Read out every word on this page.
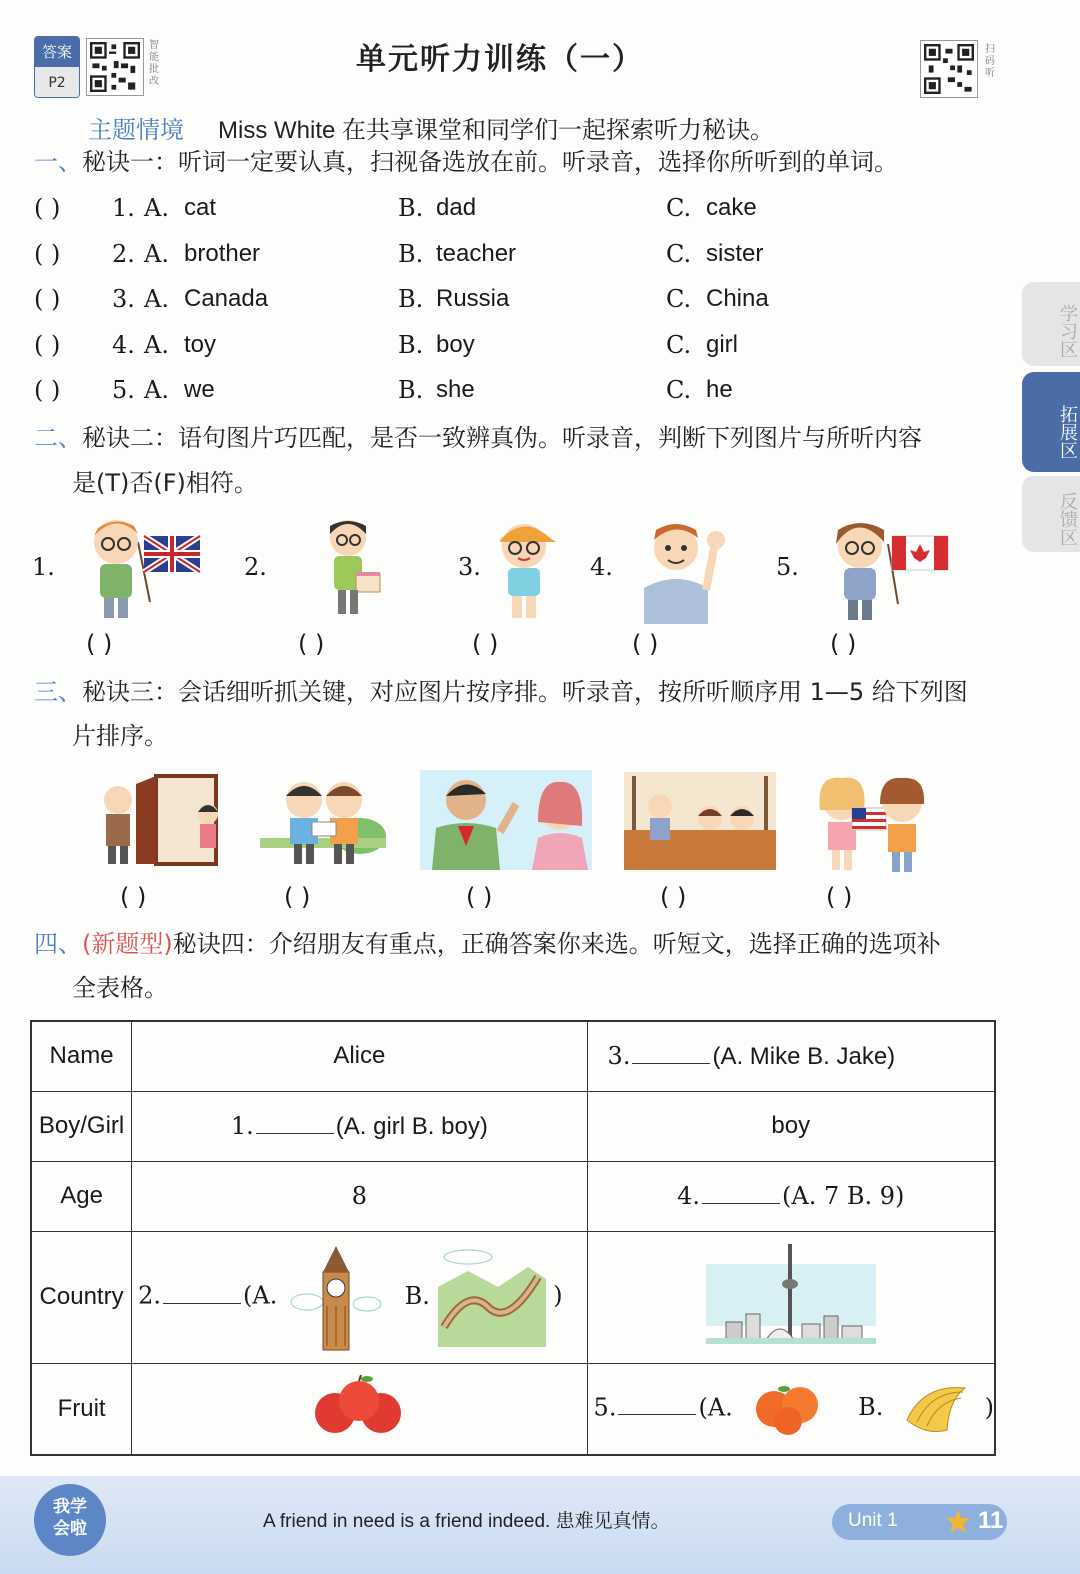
答案
P2
智能批改
单元听力训练（一）	扫码听
主题情境 Miss White 在共享课堂和同学们一起探索听力秘诀。
一、秘诀一：听词一定要认真，扫视备选放在前。听录音，选择你所听到的单词。
( ) 1. A. cat	B. dad	C. cake
( ) 2. A. brother	B. teacher	C. sister
( ) 3. A. Canada	B. Russia	C. China
( ) 4. A. toy	B. boy	C. girl
( ) 5. A. we	B. she	C. he
二、秘诀二：语句图片巧匹配，是否一致辨真伪。听录音，判断下列图片与所听内容
是(T)否(F)相符。
1.
( )
2.
( )
3.
( )
4.
( )
5.
( )
三、秘诀三：会话细听抓关键，对应图片按序排。听录音，按所听顺序用 1—5 给下列图
片排序。
( )	( )	( )	( )	( )
四、(新题型)秘诀四：介绍朋友有重点，正确答案你来选。听短文，选择正确的选项补
全表格。
Name	Alice	3. (A. Mike B. Jake)
Boy/Girl	1. (A. girl B. boy)	boy
Age	8	4. (A. 7 B. 9)
Country	2. (A. B. )	
Fruit		5. (A. B. )
学习区
拓展区
反馈区
我学会啦	A friend in need is a friend indeed. 患难见真情。	Unit 1	11
